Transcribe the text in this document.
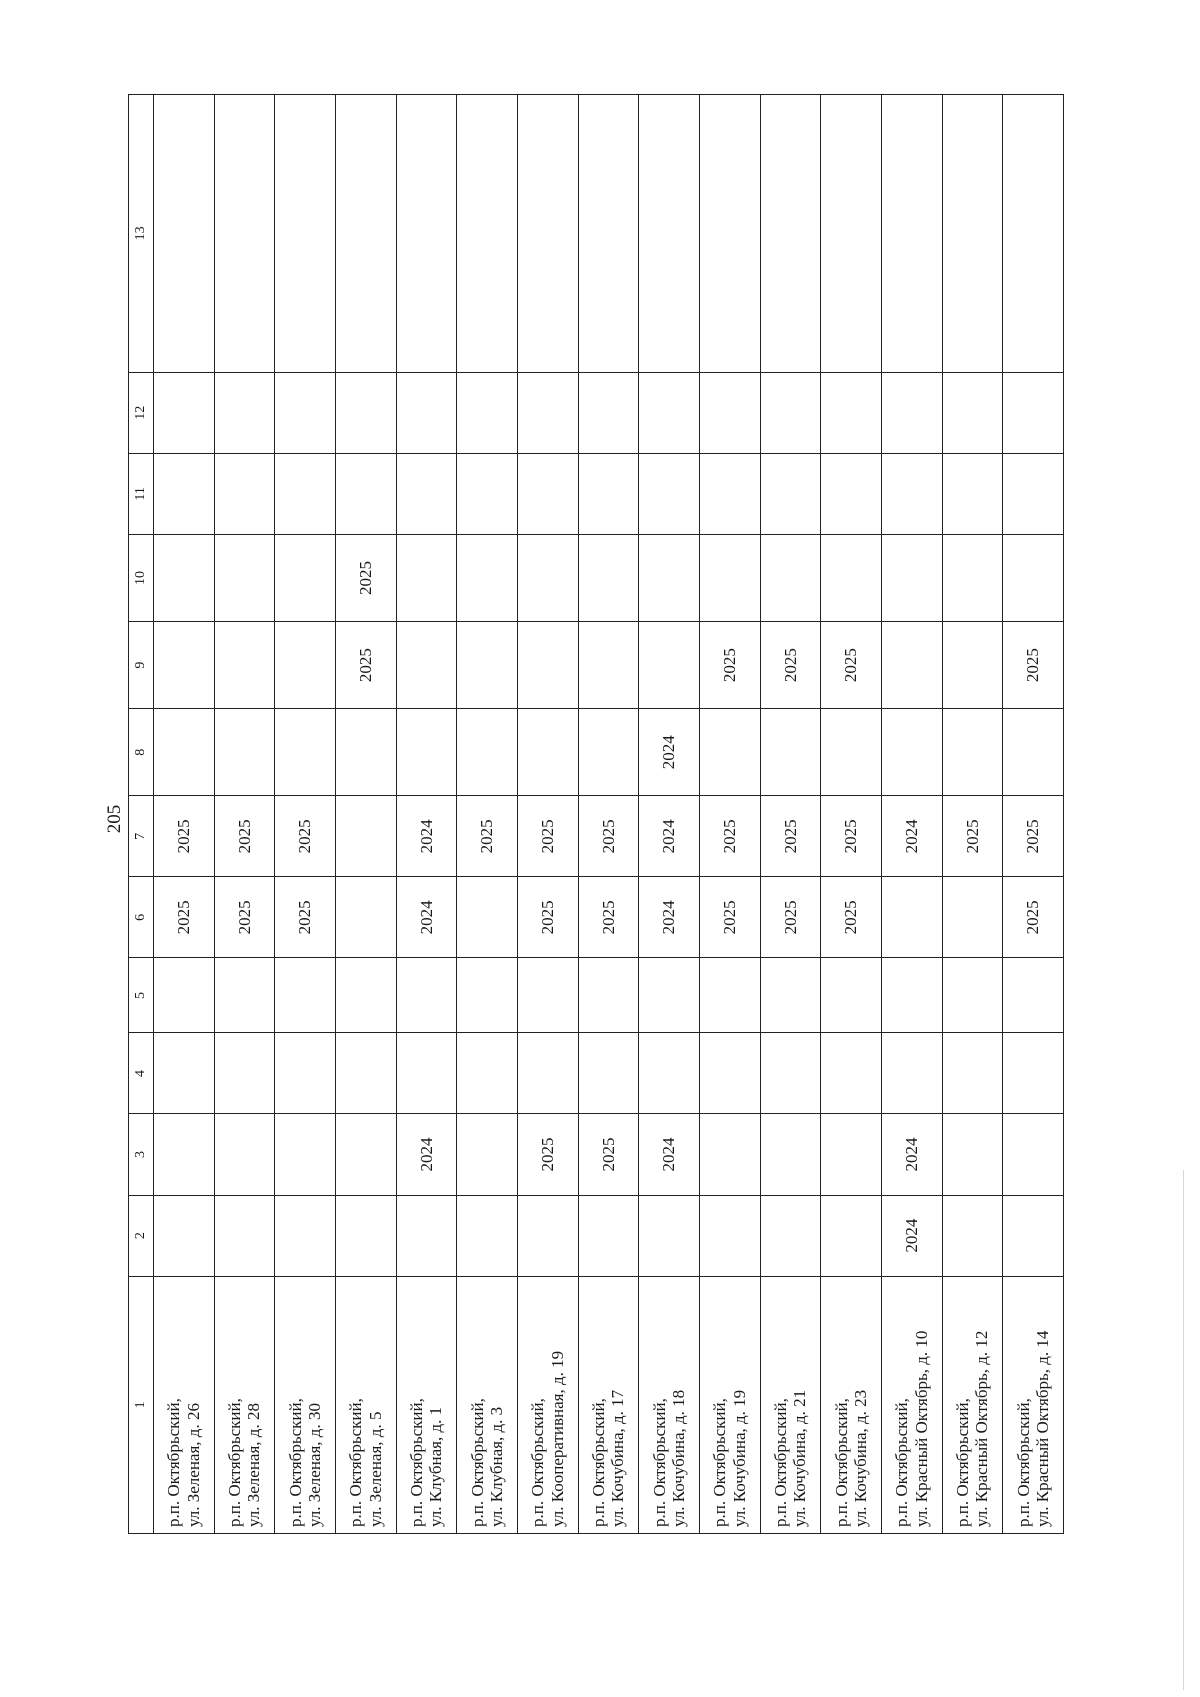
205
1	2	3	4	5	6	7	8	9	10	11	12	13

р.п. Октябрьский, ул. Зеленая, д. 26					2025	2025						

р.п. Октябрьский, ул. Зеленая, д. 28					2025	2025						

р.п. Октябрьский, ул. Зеленая, д. 30					2025	2025						

р.п. Октябрьский, ул. Зеленая, д. 5								2025	2025			

р.п. Октябрьский, ул. Клубная, д. 1		2024			2024	2024						

р.п. Октябрьский, ул. Клубная, д. 3						2025						

р.п. Октябрьский, ул. Кооперативная, д. 19		2025			2025	2025						

р.п. Октябрьский, ул. Кочубина, д. 17		2025			2025	2025						

р.п. Октябрьский, ул. Кочубина, д. 18		2024			2024	2024	2024					

р.п. Октябрьский, ул. Кочубина, д. 19					2025	2025		2025				

р.п. Октябрьский, ул. Кочубина, д. 21					2025	2025		2025				

р.п. Октябрьский, ул. Кочубина, д. 23					2025	2025		2025				

р.п. Октябрьский, ул. Красный Октябрь, д. 10	2024	2024				2024						

р.п. Октябрьский, ул. Красный Октябрь, д. 12						2025						

р.п. Октябрьский, ул. Красный Октябрь, д. 14					2025	2025		2025				
